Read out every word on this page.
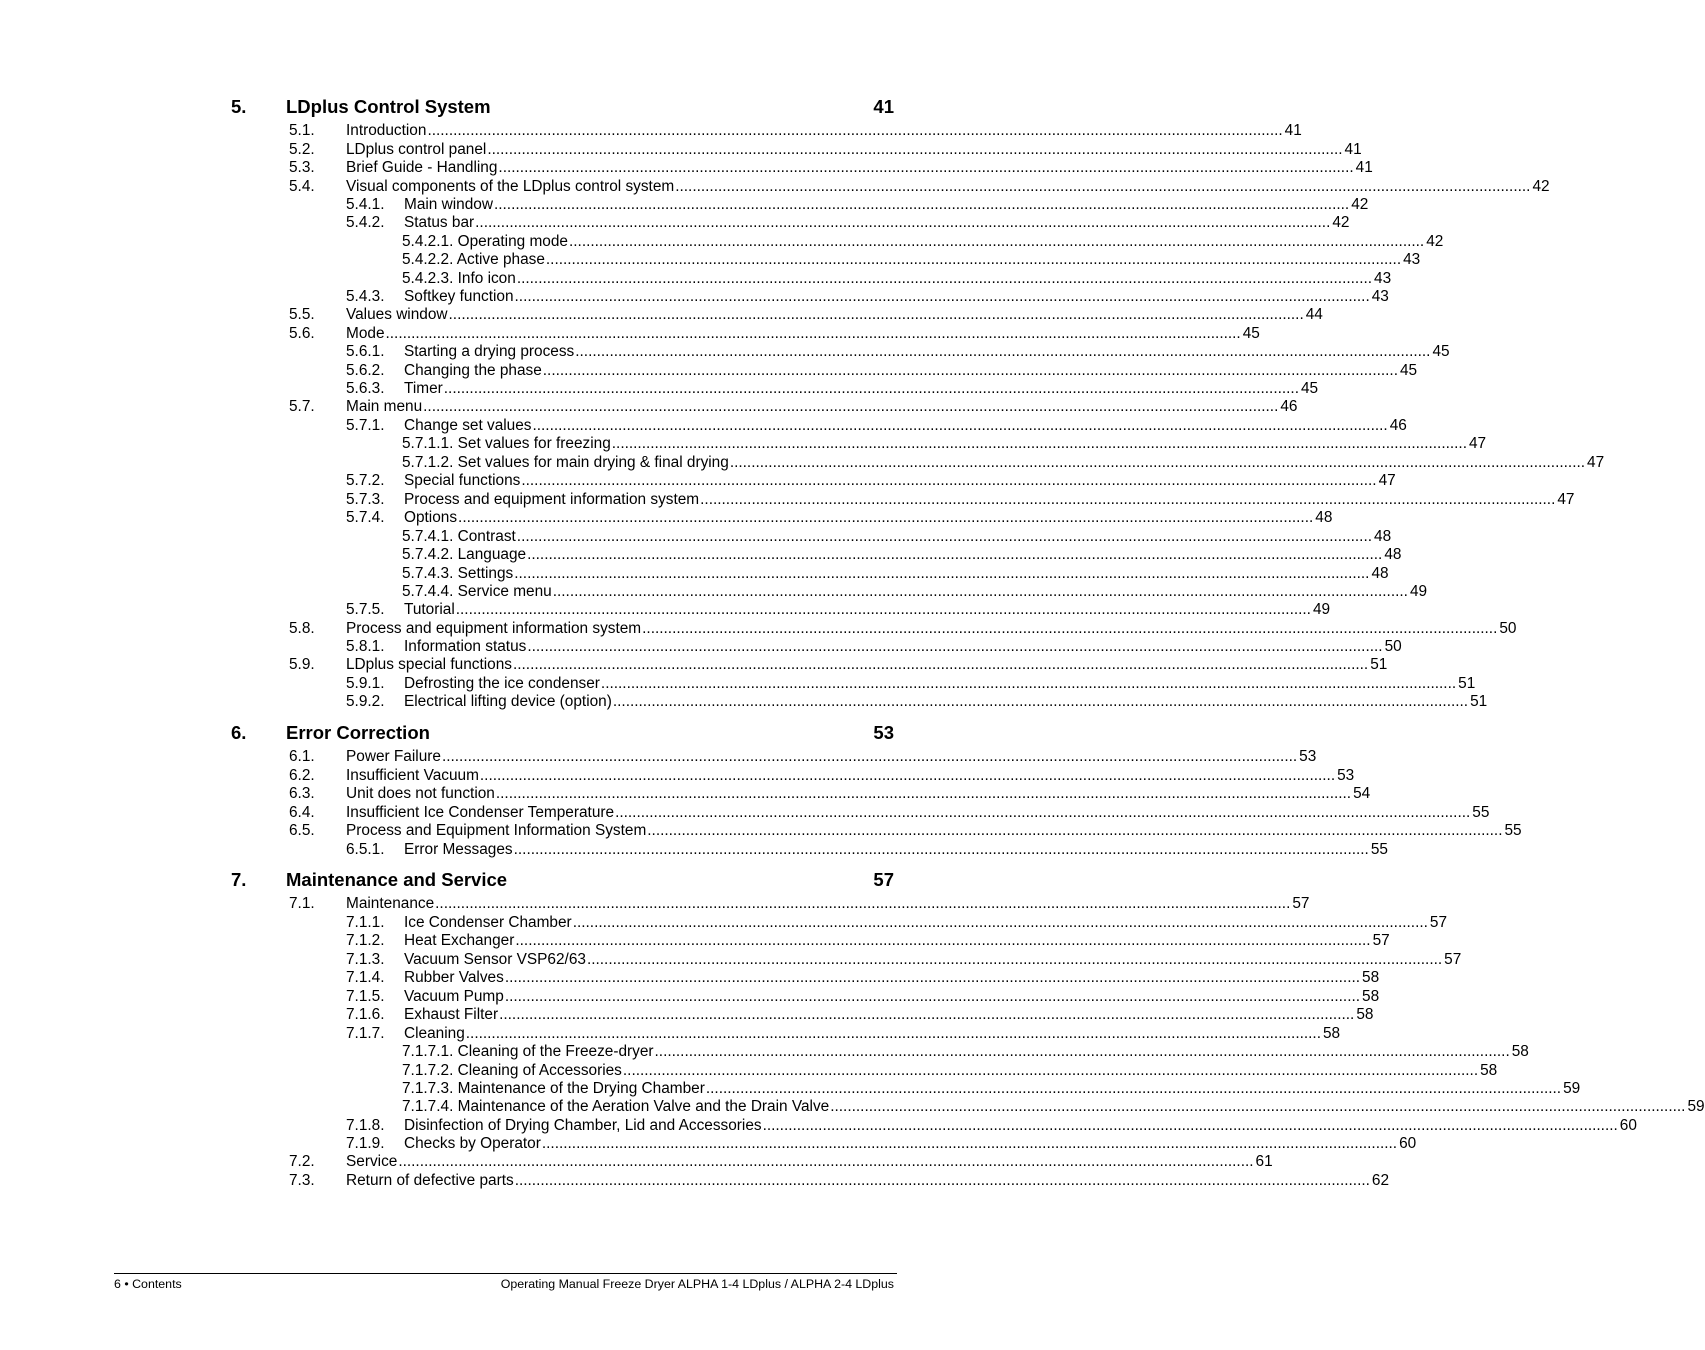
5. LDplus Control System	41
5.1. Introduction ........................................................................................................................................................................................................ 41
5.2. LDplus control panel ........................................................................................................................................................................................................ 41
5.3. Brief Guide - Handling ........................................................................................................................................................................................................ 41
5.4. Visual components of the LDplus control system ........................................................................................................................................................................................................ 42
5.4.1. Main window ........................................................................................................................................................................................................ 42
5.4.2. Status bar ........................................................................................................................................................................................................ 42
5.4.2.1. Operating mode ........................................................................................................................................................................................................ 42
5.4.2.2. Active phase ........................................................................................................................................................................................................ 43
5.4.2.3. Info icon ........................................................................................................................................................................................................ 43
5.4.3. Softkey function ........................................................................................................................................................................................................ 43
5.5. Values window ........................................................................................................................................................................................................ 44
5.6. Mode ........................................................................................................................................................................................................ 45
5.6.1. Starting a drying process ........................................................................................................................................................................................................ 45
5.6.2. Changing the phase ........................................................................................................................................................................................................ 45
5.6.3. Timer ........................................................................................................................................................................................................ 45
5.7. Main menu ........................................................................................................................................................................................................ 46
5.7.1. Change set values ........................................................................................................................................................................................................ 46
5.7.1.1. Set values for freezing ........................................................................................................................................................................................................ 47
5.7.1.2. Set values for main drying & final drying ........................................................................................................................................................................................................ 47
5.7.2. Special functions ........................................................................................................................................................................................................ 47
5.7.3. Process and equipment information system ........................................................................................................................................................................................................ 47
5.7.4. Options ........................................................................................................................................................................................................ 48
5.7.4.1. Contrast ........................................................................................................................................................................................................ 48
5.7.4.2. Language ........................................................................................................................................................................................................ 48
5.7.4.3. Settings ........................................................................................................................................................................................................ 48
5.7.4.4. Service menu ........................................................................................................................................................................................................ 49
5.7.5. Tutorial ........................................................................................................................................................................................................ 49
5.8. Process and equipment information system ........................................................................................................................................................................................................ 50
5.8.1. Information status ........................................................................................................................................................................................................ 50
5.9. LDplus special functions ........................................................................................................................................................................................................ 51
5.9.1. Defrosting the ice condenser ........................................................................................................................................................................................................ 51
5.9.2. Electrical lifting device (option) ........................................................................................................................................................................................................ 51
6. Error Correction	53
6.1. Power Failure ........................................................................................................................................................................................................ 53
6.2. Insufficient Vacuum ........................................................................................................................................................................................................ 53
6.3. Unit does not function ........................................................................................................................................................................................................ 54
6.4. Insufficient Ice Condenser Temperature ........................................................................................................................................................................................................ 55
6.5. Process and Equipment Information System ........................................................................................................................................................................................................ 55
6.5.1. Error Messages ........................................................................................................................................................................................................ 55
7. Maintenance and Service	57
7.1. Maintenance ........................................................................................................................................................................................................ 57
7.1.1. Ice Condenser Chamber ........................................................................................................................................................................................................ 57
7.1.2. Heat Exchanger ........................................................................................................................................................................................................ 57
7.1.3. Vacuum Sensor VSP62/63 ........................................................................................................................................................................................................ 57
7.1.4. Rubber Valves ........................................................................................................................................................................................................ 58
7.1.5. Vacuum Pump ........................................................................................................................................................................................................ 58
7.1.6. Exhaust Filter ........................................................................................................................................................................................................ 58
7.1.7. Cleaning ........................................................................................................................................................................................................ 58
7.1.7.1. Cleaning of the Freeze-dryer ........................................................................................................................................................................................................ 58
7.1.7.2. Cleaning of Accessories ........................................................................................................................................................................................................ 58
7.1.7.3. Maintenance of the Drying Chamber ........................................................................................................................................................................................................ 59
7.1.7.4. Maintenance of the Aeration Valve and the Drain Valve ........................................................................................................................................................................................................ 59
7.1.8. Disinfection of Drying Chamber, Lid and Accessories ........................................................................................................................................................................................................ 60
7.1.9. Checks by Operator ........................................................................................................................................................................................................ 60
7.2. Service ........................................................................................................................................................................................................ 61
7.3. Return of defective parts ........................................................................................................................................................................................................ 62
6 • Contents	Operating Manual Freeze Dryer ALPHA 1-4 LDplus / ALPHA 2-4 LDplus
